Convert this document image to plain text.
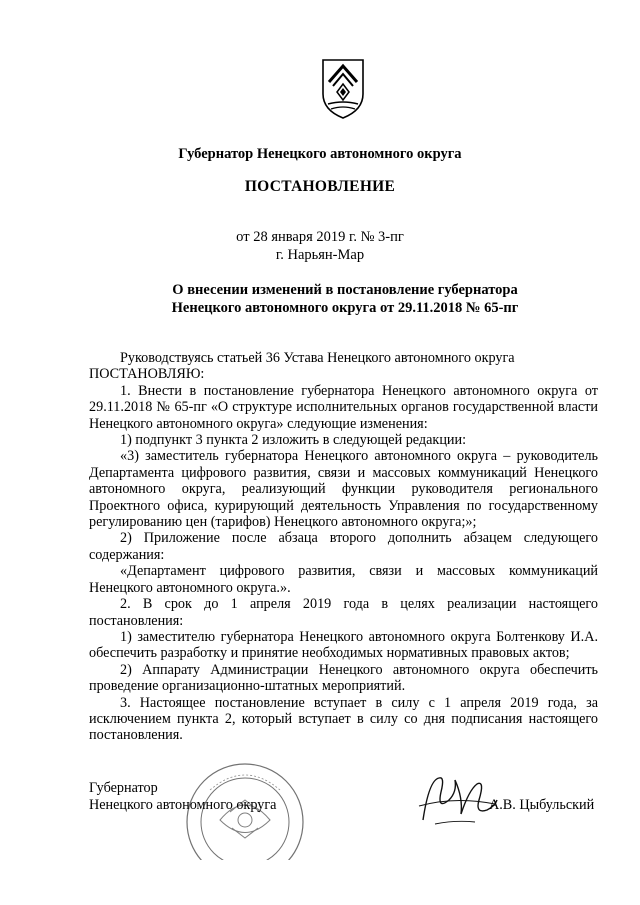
Губернатор Ненецкого автономного округа
ПОСТАНОВЛЕНИЕ
от 28 января 2019 г. № 3-пг
г. Нарьян-Мар
О внесении изменений в постановление губернатора
Ненецкого автономного округа от 29.11.2018 № 65-пг

Руководствуясь статьей 36 Устава Ненецкого автономного округа

ПОСТАНОВЛЯЮ:

1. Внести в постановление губернатора Ненецкого автономного округа от 29.11.2018 № 65-пг «О структуре исполнительных органов государственной власти Ненецкого автономного округа» следующие изменения:

1) подпункт 3 пункта 2 изложить в следующей редакции:

«3) заместитель губернатора Ненецкого автономного округа – руководитель Департамента цифрового развития, связи и массовых коммуникаций Ненецкого автономного округа, реализующий функции руководителя регионального Проектного офиса, курирующий деятельность Управления по государственному регулированию цен (тарифов) Ненецкого автономного округа;»;

2) Приложение после абзаца второго дополнить абзацем следующего содержания:

«Департамент цифрового развития, связи и массовых коммуникаций Ненецкого автономного округа.».

2. В срок до 1 апреля 2019 года в целях реализации настоящего постановления:

1) заместителю губернатора Ненецкого автономного округа Болтенкову И.А. обеспечить разработку и принятие необходимых нормативных правовых актов;

2) Аппарату Администрации Ненецкого автономного округа обеспечить проведение организационно-штатных мероприятий.

3. Настоящее постановление вступает в силу с 1 апреля 2019 года, за исключением пункта 2, который вступает в силу со дня подписания настоящего постановления.

Губернатор
Ненецкого автономного округа	А.В. Цыбульский
